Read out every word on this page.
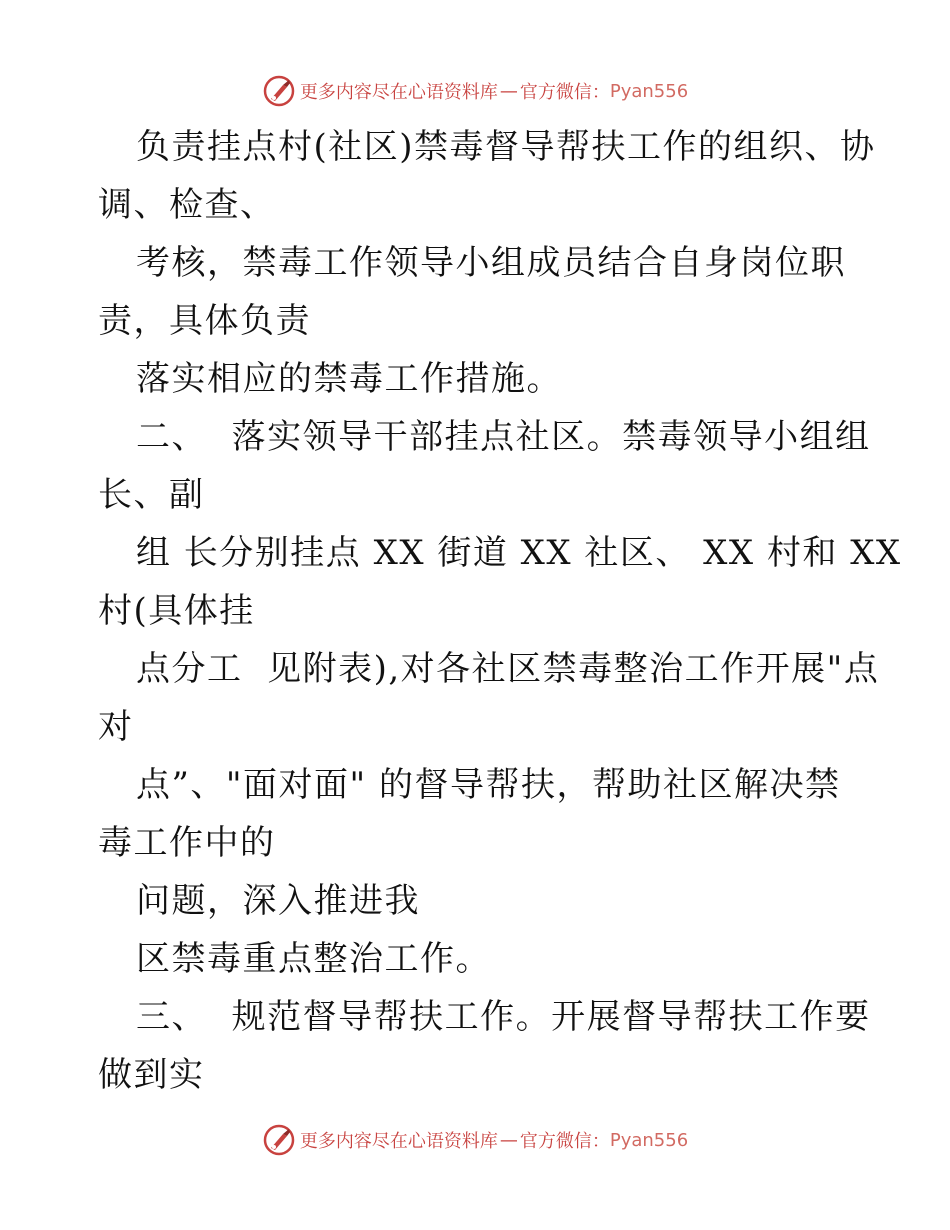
更多内容尽在心语资料库 — 官方微信： Pyan556
负责挂点村(社区)禁毒督导帮扶工作的组织、协
调、检查、
考核，禁毒工作领导小组成员结合自身岗位职
责，具体负责
落实相应的禁毒工作措施。
二、  落实领导干部挂点社区。禁毒领导小组组
长、副
组 长分别挂点 XX 街道 XX 社区、 XX 村和 XX
村(具体挂
点分工  见附表),对各社区禁毒整治工作开展"点
对
点”、"面对面" 的督导帮扶，帮助社区解决禁
毒工作中的
问题，深入推进我
区禁毒重点整治工作。
三、  规范督导帮扶工作。开展督导帮扶工作要
做到实
更多内容尽在心语资料库 — 官方微信： Pyan556
